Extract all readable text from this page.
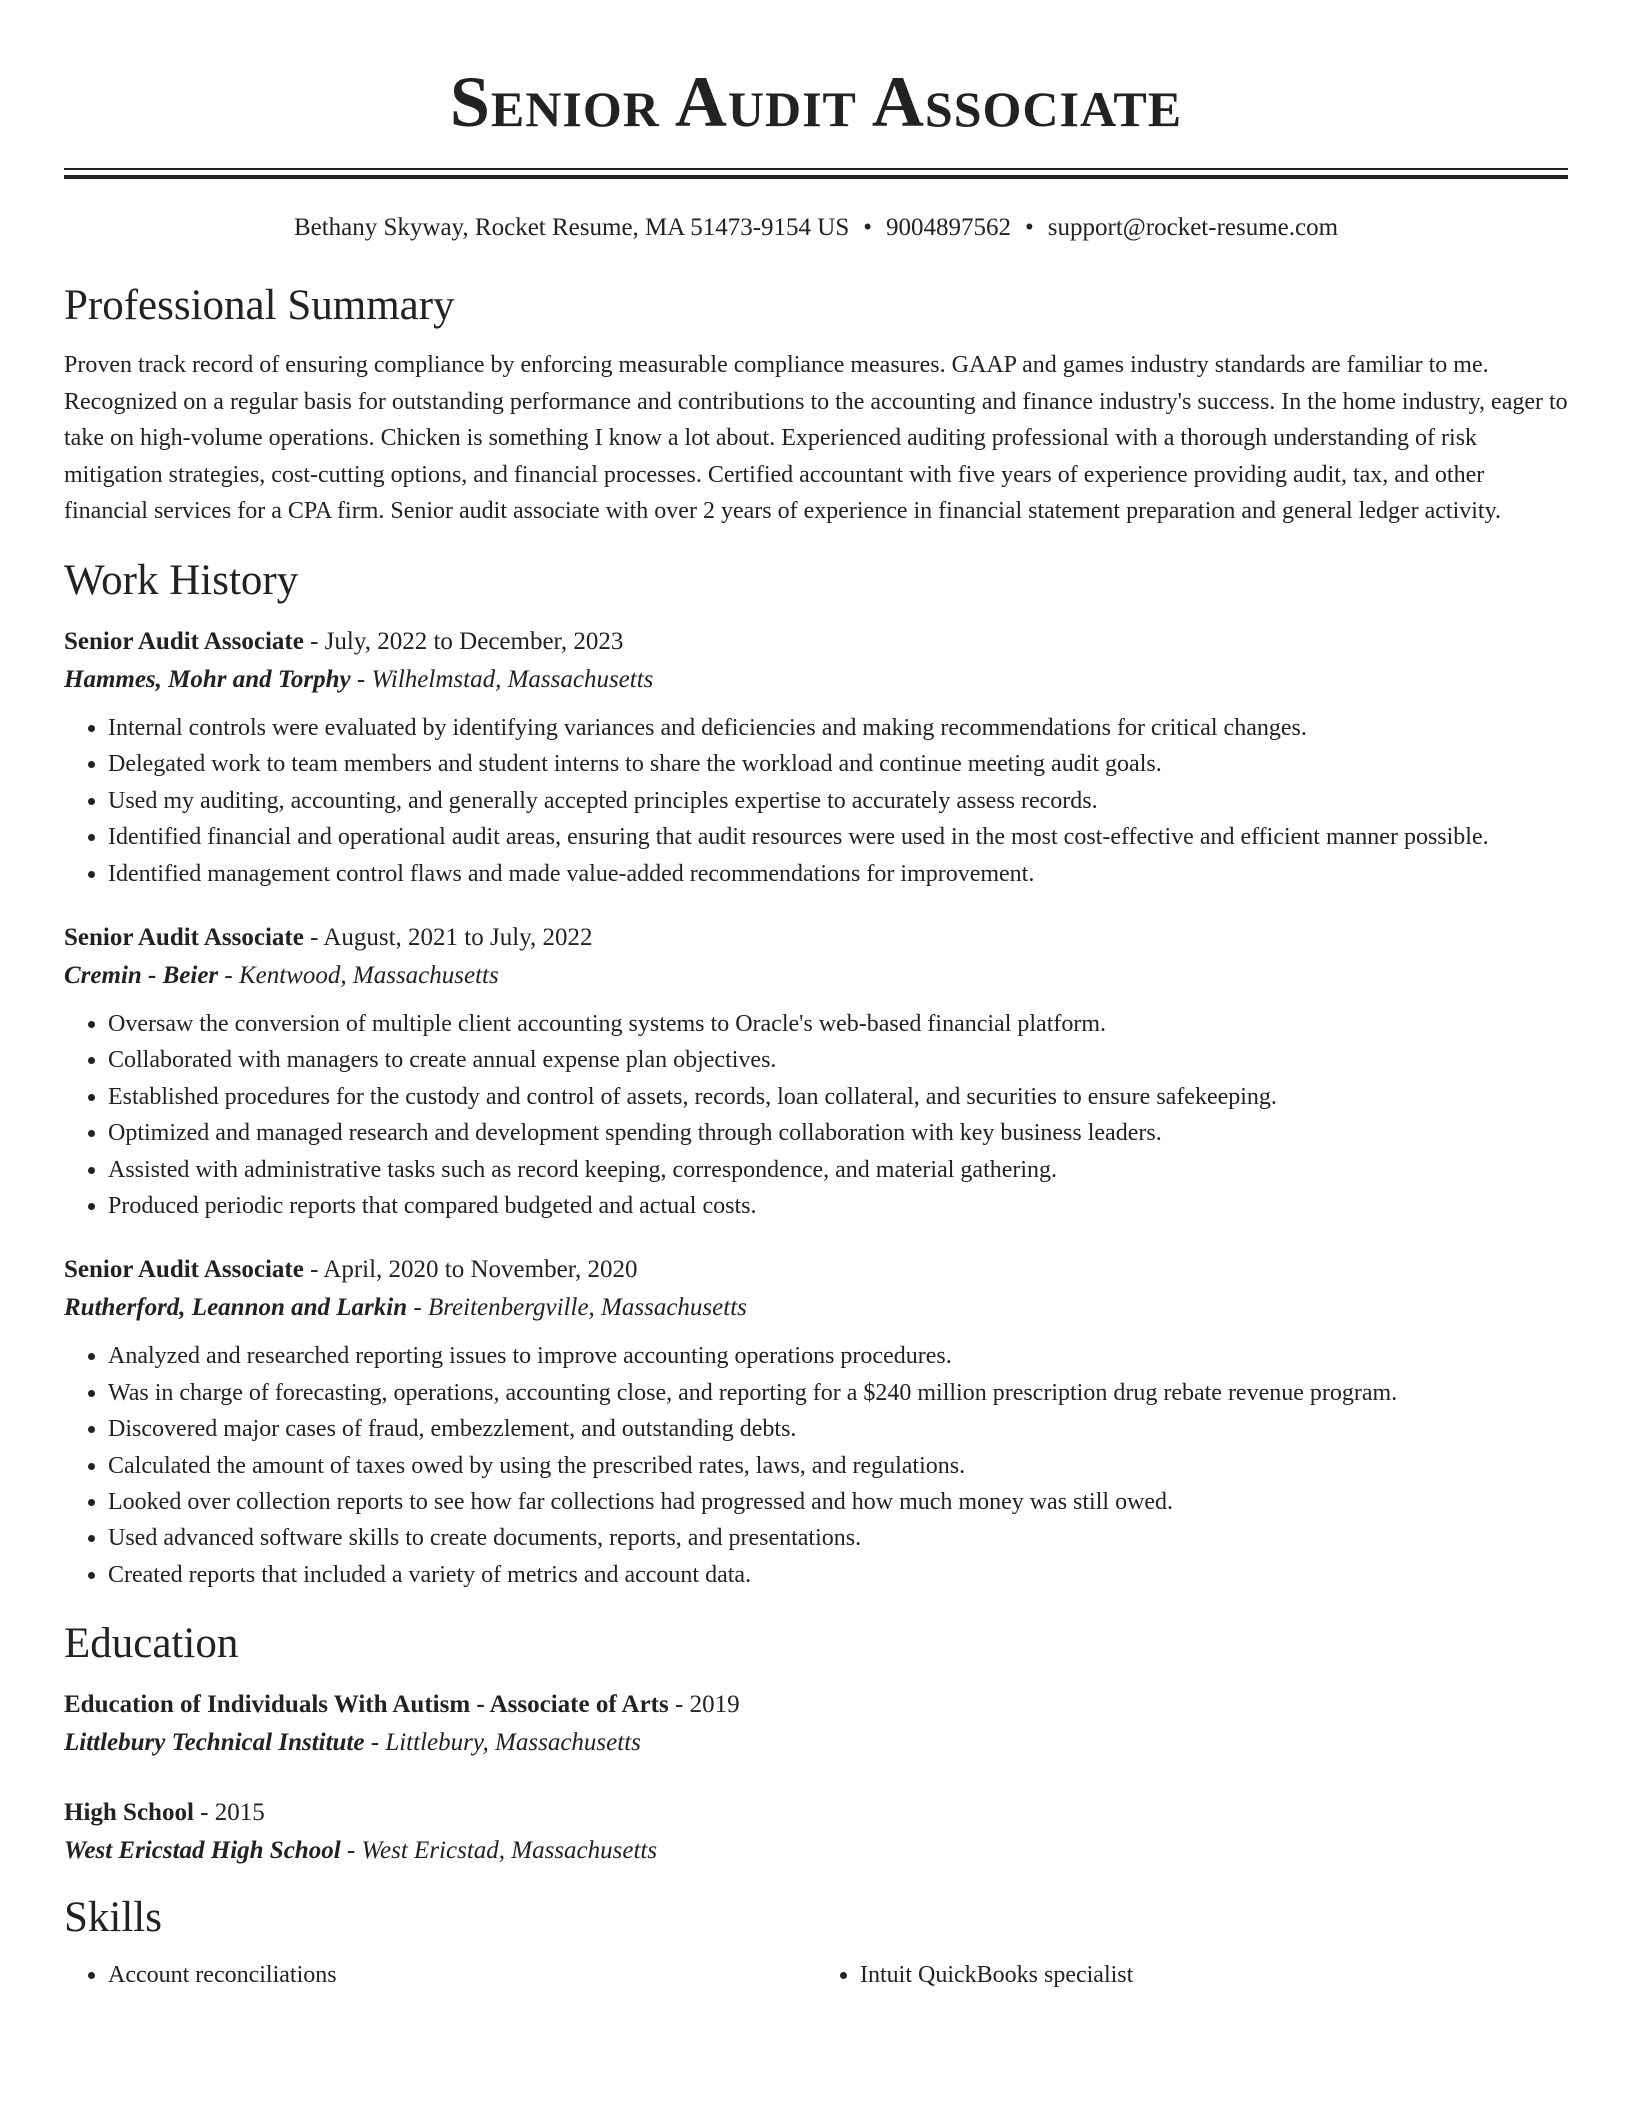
Senior Audit Associate
Bethany Skyway, Rocket Resume, MA 51473-9154 US • 9004897562 • support@rocket-resume.com
Professional Summary

Proven track record of ensuring compliance by enforcing measurable compliance measures. GAAP and games industry standards are familiar to me. Recognized on a regular basis for outstanding performance and contributions to the accounting and finance industry's success. In the home industry, eager to take on high-volume operations. Chicken is something I know a lot about. Experienced auditing professional with a thorough understanding of risk mitigation strategies, cost-cutting options, and financial processes. Certified accountant with five years of experience providing audit, tax, and other financial services for a CPA firm. Senior audit associate with over 2 years of experience in financial statement preparation and general ledger activity.

Work History
Senior Audit Associate - July, 2022 to December, 2023
Hammes, Mohr and Torphy - Wilhelmstad, Massachusetts
• Internal controls were evaluated by identifying variances and deficiencies and making recommendations for critical changes.
• Delegated work to team members and student interns to share the workload and continue meeting audit goals.
• Used my auditing, accounting, and generally accepted principles expertise to accurately assess records.
• Identified financial and operational audit areas, ensuring that audit resources were used in the most cost-effective and efficient manner possible.
• Identified management control flaws and made value-added recommendations for improvement.
Senior Audit Associate - August, 2021 to July, 2022
Cremin - Beier - Kentwood, Massachusetts
• Oversaw the conversion of multiple client accounting systems to Oracle's web-based financial platform.
• Collaborated with managers to create annual expense plan objectives.
• Established procedures for the custody and control of assets, records, loan collateral, and securities to ensure safekeeping.
• Optimized and managed research and development spending through collaboration with key business leaders.
• Assisted with administrative tasks such as record keeping, correspondence, and material gathering.
• Produced periodic reports that compared budgeted and actual costs.
Senior Audit Associate - April, 2020 to November, 2020
Rutherford, Leannon and Larkin - Breitenbergville, Massachusetts
• Analyzed and researched reporting issues to improve accounting operations procedures.
• Was in charge of forecasting, operations, accounting close, and reporting for a $240 million prescription drug rebate revenue program.
• Discovered major cases of fraud, embezzlement, and outstanding debts.
• Calculated the amount of taxes owed by using the prescribed rates, laws, and regulations.
• Looked over collection reports to see how far collections had progressed and how much money was still owed.
• Used advanced software skills to create documents, reports, and presentations.
• Created reports that included a variety of metrics and account data.
Education
Education of Individuals With Autism - Associate of Arts - 2019
Littlebury Technical Institute - Littlebury, Massachusetts
High School - 2015
West Ericstad High School - West Ericstad, Massachusetts
Skills
• Account reconciliations
•	Intuit QuickBooks specialist
